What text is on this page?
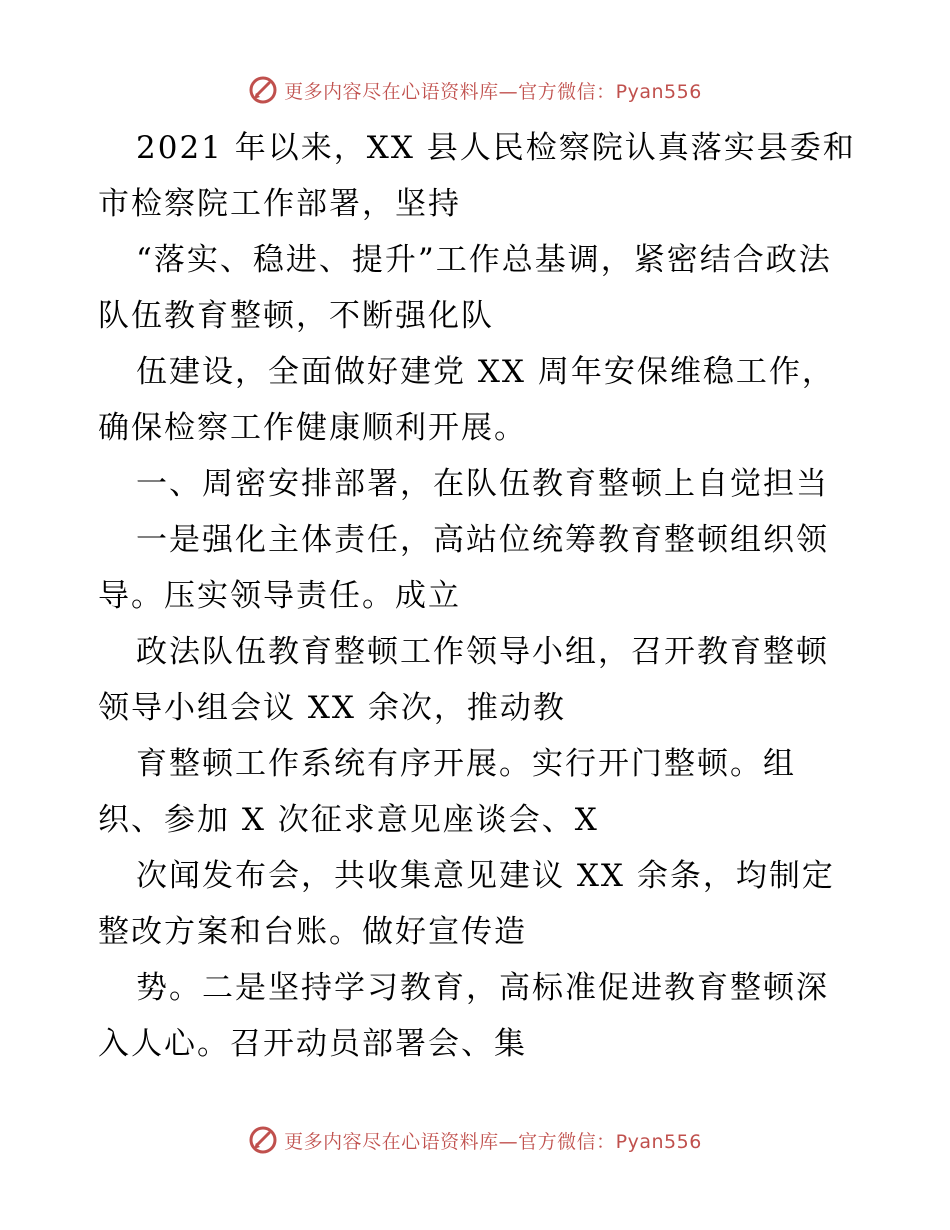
更多内容尽在心语资料库—官方微信：Pyan556

2021 年以来，XX 县人民检察院认真落实县委和市检察院工作部署，坚持

“落实、稳进、提升”工作总基调，紧密结合政法队伍教育整顿，不断强化队

伍建设，全面做好建党 XX 周年安保维稳工作，确保检察工作健康顺利开展。

一、周密安排部署，在队伍教育整顿上自觉担当

一是强化主体责任，高站位统筹教育整顿组织领导。压实领导责任。成立

政法队伍教育整顿工作领导小组，召开教育整顿领导小组会议 XX 余次，推动教

育整顿工作系统有序开展。实行开门整顿。组织、参加 X 次征求意见座谈会、X

次闻发布会，共收集意见建议 XX 余条，均制定整改方案和台账。做好宣传造

势。二是坚持学习教育，高标准促进教育整顿深入人心。召开动员部署会、集

更多内容尽在心语资料库—官方微信：Pyan556
